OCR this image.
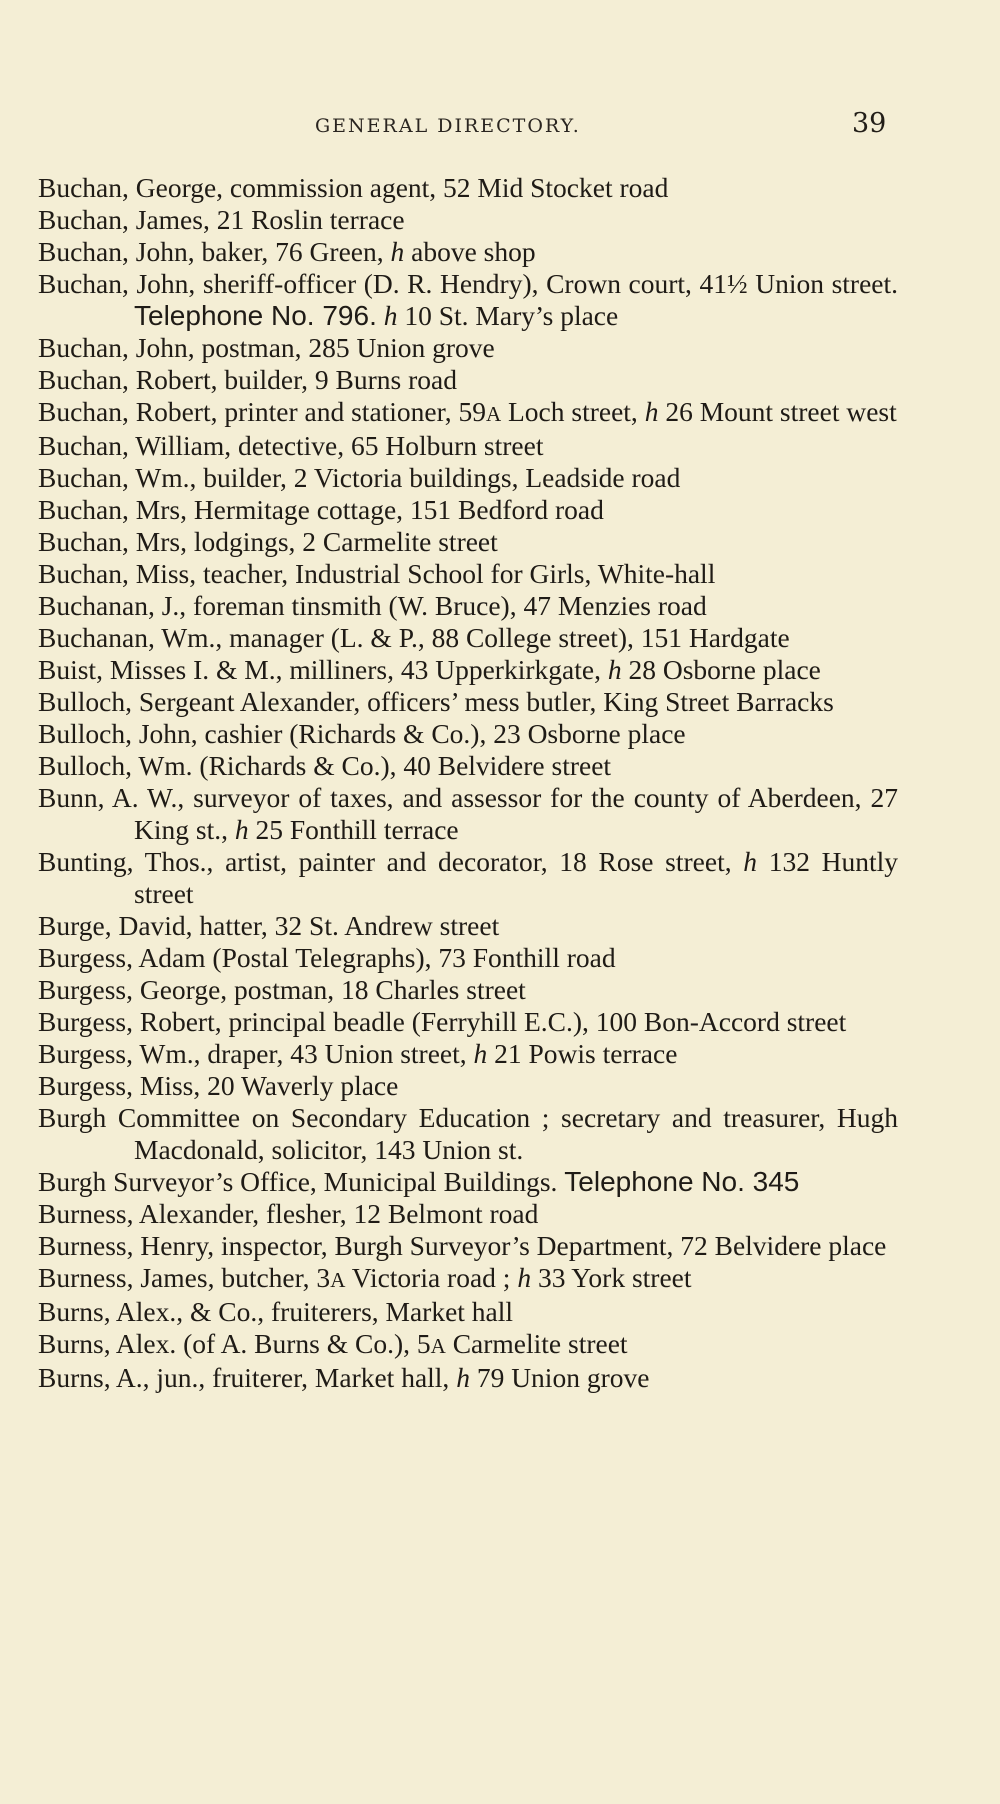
GENERAL DIRECTORY.	39
Buchan, George, commission agent, 52 Mid Stocket road
Buchan, James, 21 Roslin terrace
Buchan, John, baker, 76 Green, h above shop
Buchan, John, sheriff-officer (D. R. Hendry), Crown court, 41½ Union street. Telephone No. 796. h 10 St. Mary’s place
Buchan, John, postman, 285 Union grove
Buchan, Robert, builder, 9 Burns road
Buchan, Robert, printer and stationer, 59A Loch street, h 26 Mount street west
Buchan, William, detective, 65 Holburn street
Buchan, Wm., builder, 2 Victoria buildings, Leadside road
Buchan, Mrs, Hermitage cottage, 151 Bedford road
Buchan, Mrs, lodgings, 2 Carmelite street
Buchan, Miss, teacher, Industrial School for Girls, White-hall
Buchanan, J., foreman tinsmith (W. Bruce), 47 Menzies road
Buchanan, Wm., manager (L. & P., 88 College street), 151 Hardgate
Buist, Misses I. & M., milliners, 43 Upperkirkgate, h 28 Osborne place
Bulloch, Sergeant Alexander, officers’ mess butler, King Street Barracks
Bulloch, John, cashier (Richards & Co.), 23 Osborne place
Bulloch, Wm. (Richards & Co.), 40 Belvidere street
Bunn, A. W., surveyor of taxes, and assessor for the county of Aberdeen, 27 King st., h 25 Fonthill terrace
Bunting, Thos., artist, painter and decorator, 18 Rose street, h 132 Huntly street
Burge, David, hatter, 32 St. Andrew street
Burgess, Adam (Postal Telegraphs), 73 Fonthill road
Burgess, George, postman, 18 Charles street
Burgess, Robert, principal beadle (Ferryhill E.C.), 100 Bon-Accord street
Burgess, Wm., draper, 43 Union street, h 21 Powis terrace
Burgess, Miss, 20 Waverly place
Burgh Committee on Secondary Education ; secretary and treasurer, Hugh Macdonald, solicitor, 143 Union st.
Burgh Surveyor’s Office, Municipal Buildings. Telephone No. 345
Burness, Alexander, flesher, 12 Belmont road
Burness, Henry, inspector, Burgh Surveyor’s Department, 72 Belvidere place
Burness, James, butcher, 3A Victoria road ; h 33 York street
Burns, Alex., & Co., fruiterers, Market hall
Burns, Alex. (of A. Burns & Co.), 5A Carmelite street
Burns, A., jun., fruiterer, Market hall, h 79 Union grove
